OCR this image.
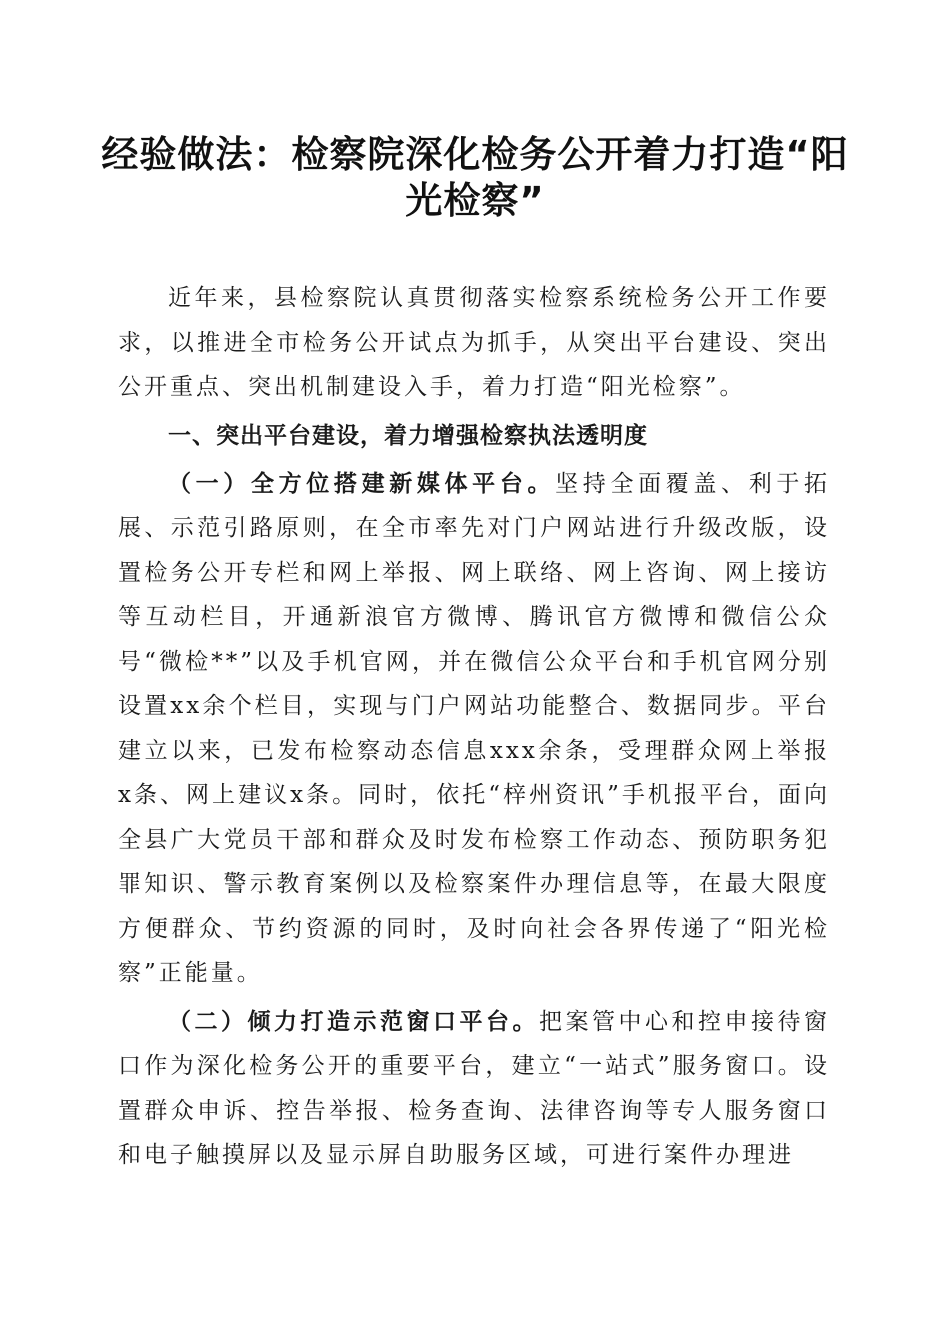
经验做法：检察院深化检务公开着力打造“阳光检察”

近年来，县检察院认真贯彻落实检察系统检务公开工作要求，以推进全市检务公开试点为抓手，从突出平台建设、突出公开重点、突出机制建设入手，着力打造“阳光检察”。

一、突出平台建设，着力增强检察执法透明度

（一）全方位搭建新媒体平台。坚持全面覆盖、利于拓展、示范引路原则，在全市率先对门户网站进行升级改版，设置检务公开专栏和网上举报、网上联络、网上咨询、网上接访等互动栏目，开通新浪官方微博、腾讯官方微博和微信公众号“微检**”以及手机官网，并在微信公众平台和手机官网分别设置xx余个栏目，实现与门户网站功能整合、数据同步。平台建立以来，已发布检察动态信息xxx余条，受理群众网上举报x条、网上建议x条。同时，依托“梓州资讯”手机报平台，面向全县广大党员干部和群众及时发布检察工作动态、预防职务犯罪知识、警示教育案例以及检察案件办理信息等，在最大限度方便群众、节约资源的同时，及时向社会各界传递了“阳光检察”正能量。

（二）倾力打造示范窗口平台。把案管中心和控申接待窗口作为深化检务公开的重要平台，建立“一站式”服务窗口。设置群众申诉、控告举报、检务查询、法律咨询等专人服务窗口和电子触摸屏以及显示屏自助服务区域，可进行案件办理进
